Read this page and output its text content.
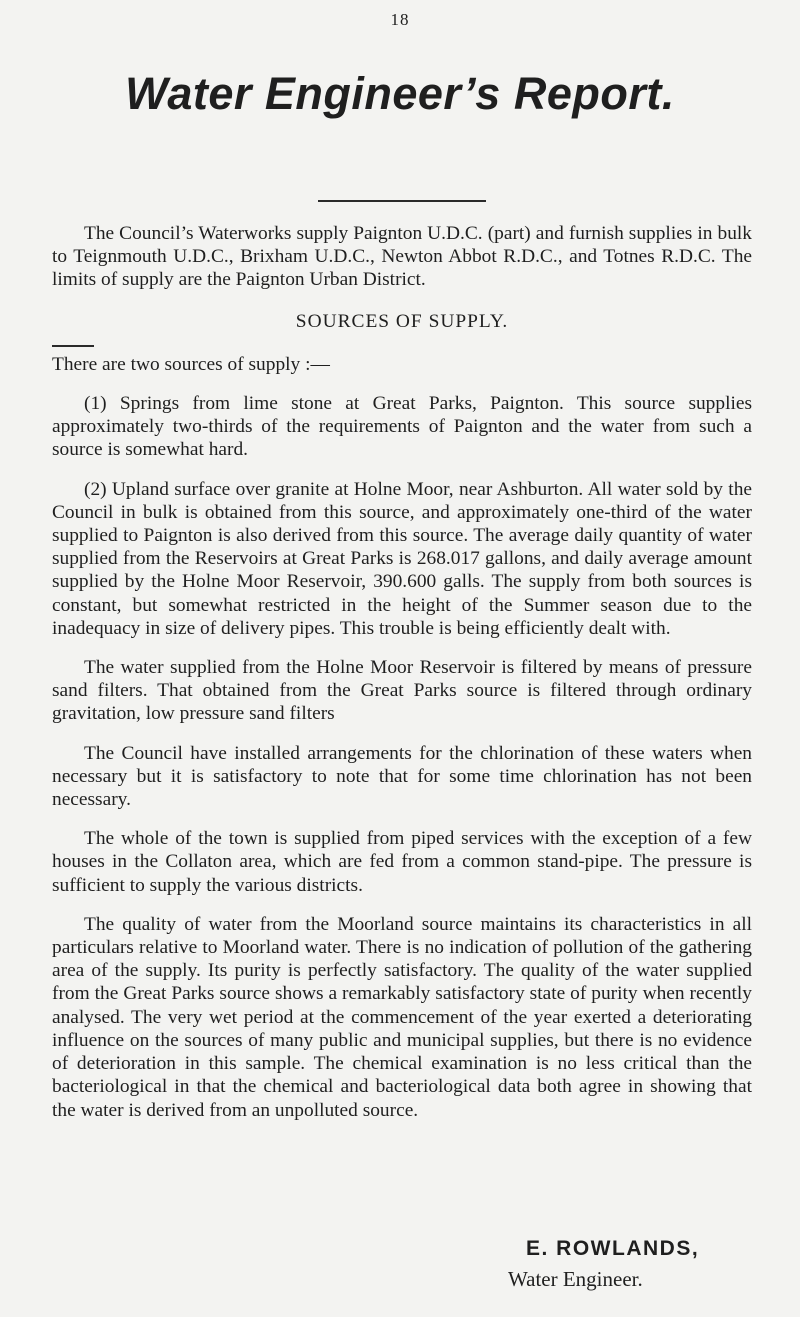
18
Water Engineer’s Report.

The Council’s Waterworks supply Paignton U.D.C. (part) and furnish supplies in bulk to Teignmouth U.D.C., Brixham U.D.C., Newton Abbot R.D.C., and Totnes R.D.C. The limits of supply are the Paignton Urban District.

SOURCES OF SUPPLY.

There are two sources of supply :—

(1) Springs from lime stone at Great Parks, Paignton. This source supplies approximately two-thirds of the requirements of Paignton and the water from such a source is somewhat hard.

(2) Upland surface over granite at Holne Moor, near Ashburton. All water sold by the Council in bulk is obtained from this source, and approximately one-third of the water supplied to Paignton is also derived from this source. The average daily quantity of water supplied from the Reservoirs at Great Parks is 268.017 gallons, and daily average amount supplied by the Holne Moor Reservoir, 390.600 galls. The supply from both sources is constant, but somewhat restricted in the height of the Summer season due to the inadequacy in size of delivery pipes. This trouble is being efficiently dealt with.

The water supplied from the Holne Moor Reservoir is filtered by means of pressure sand filters. That obtained from the Great Parks source is filtered through ordinary gravitation, low pressure sand filters

The Council have installed arrangements for the chlorination of these waters when necessary but it is satisfactory to note that for some time chlorination has not been necessary.

The whole of the town is supplied from piped services with the exception of a few houses in the Collaton area, which are fed from a common stand-pipe. The pressure is sufficient to supply the various districts.

The quality of water from the Moorland source maintains its characteristics in all particulars relative to Moorland water. There is no indication of pollution of the gathering area of the supply. Its purity is perfectly satisfactory. The quality of the water supplied from the Great Parks source shows a remarkably satisfactory state of purity when recently analysed. The very wet period at the commencement of the year exerted a deteriorating influence on the sources of many public and municipal supplies, but there is no evidence of deterioration in this sample. The chemical examination is no less critical than the bacteriological in that the chemical and bacteriological data both agree in showing that the water is derived from an unpolluted source.

E. ROWLANDS,
Water Engineer.
